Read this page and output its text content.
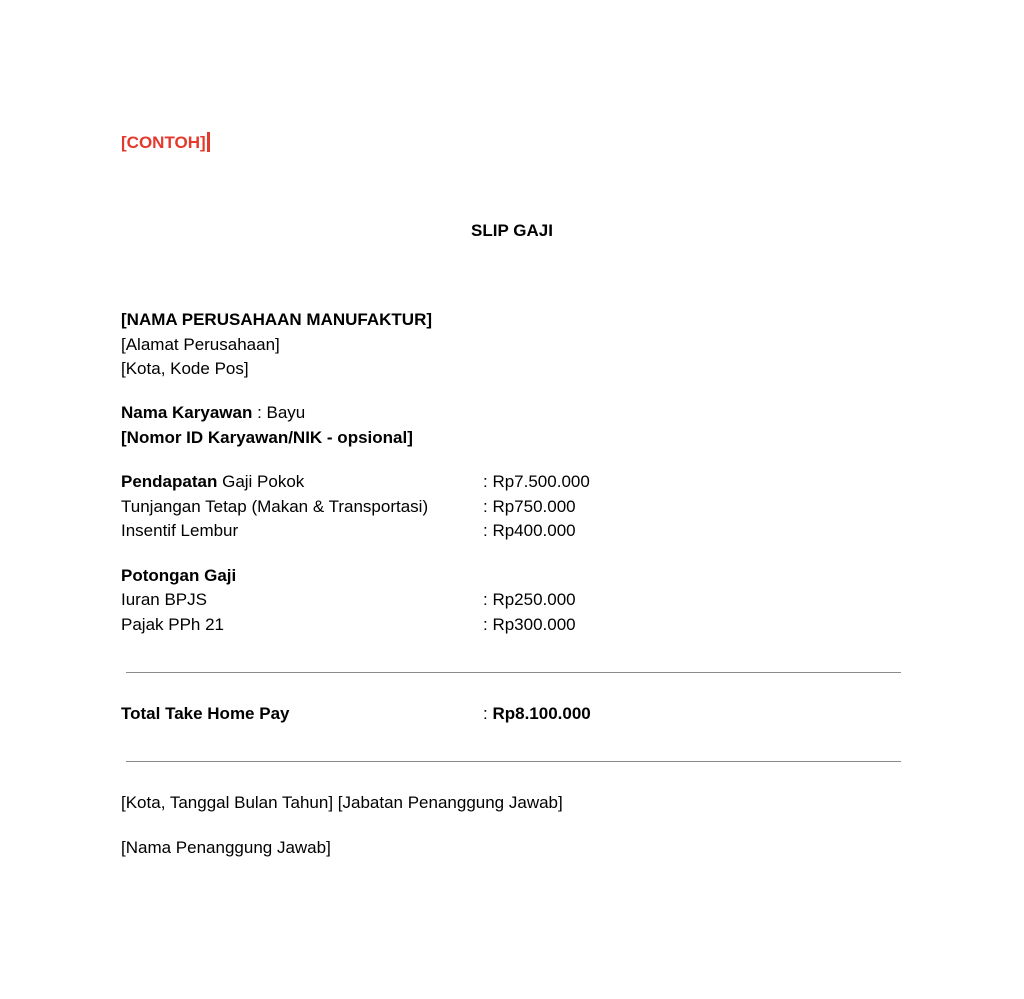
[CONTOH]
SLIP GAJI
[NAMA PERUSAHAAN MANUFAKTUR]
[Alamat Perusahaan]
[Kota, Kode Pos]
Nama Karyawan : Bayu
[Nomor ID Karyawan/NIK - opsional]
Pendapatan Gaji Pokok	: Rp7.500.000
Tunjangan Tetap (Makan & Transportasi)	: Rp750.000
Insentif Lembur	: Rp400.000
Potongan Gaji
Iuran BPJS	: Rp250.000
Pajak PPh 21	: Rp300.000
Total Take Home Pay	: Rp8.100.000
[Kota, Tanggal Bulan Tahun] [Jabatan Penanggung Jawab]
[Nama Penanggung Jawab]
